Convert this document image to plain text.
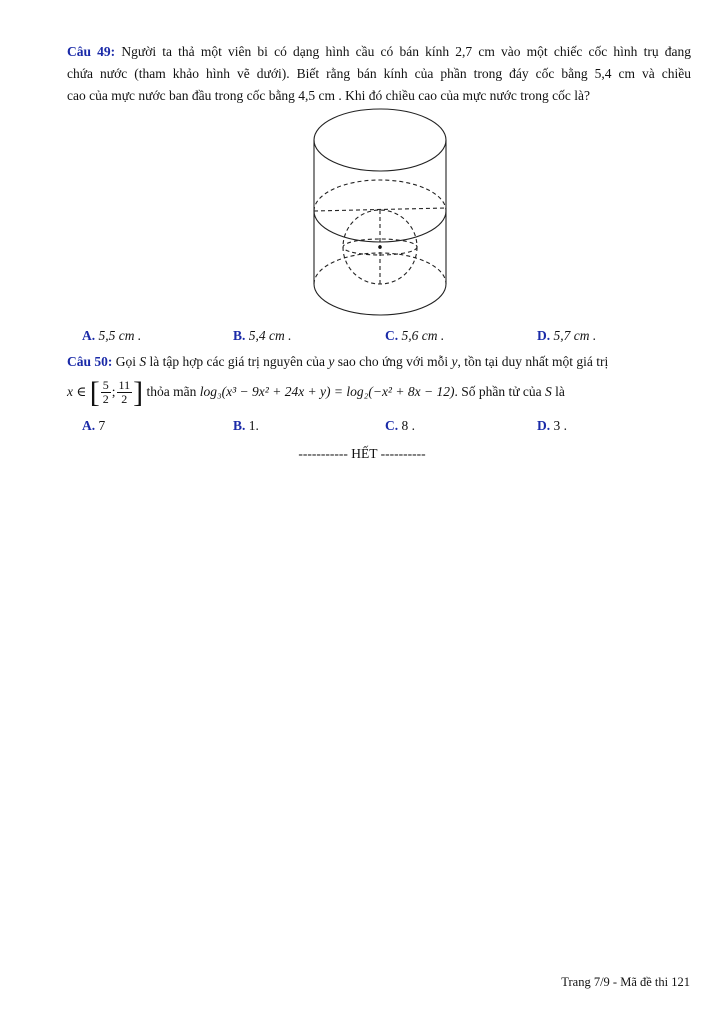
Câu 49: Người ta thả một viên bi có dạng hình cầu có bán kính 2,7 cm vào một chiếc cốc hình trụ đang
chứa nước (tham khảo hình vẽ dưới). Biết rằng bán kính của phần trong đáy cốc bằng 5,4 cm và chiều
cao của mực nước ban đầu trong cốc bằng 4,5 cm . Khi đó chiều cao của mực nước trong cốc là?
A. 5,5 cm .	B. 5,4 cm .	C. 5,6 cm .	D. 5,7 cm .
Câu 50: Gọi S là tập hợp các giá trị nguyên của y sao cho ứng với mỗi y, tồn tại duy nhất một giá trị
x ∈ [ $\frac{5}{2}$ ; $\frac{11}{2}$ ] thỏa mãn log₃(x³ − 9x² + 24x + y) = log₂(−x² + 8x − 12). Số phần tử của S là
A. 7	B. 1.	C. 8 .	D. 3 .
----------- HẾT ----------
Trang 7/9 - Mã đề thi 121
